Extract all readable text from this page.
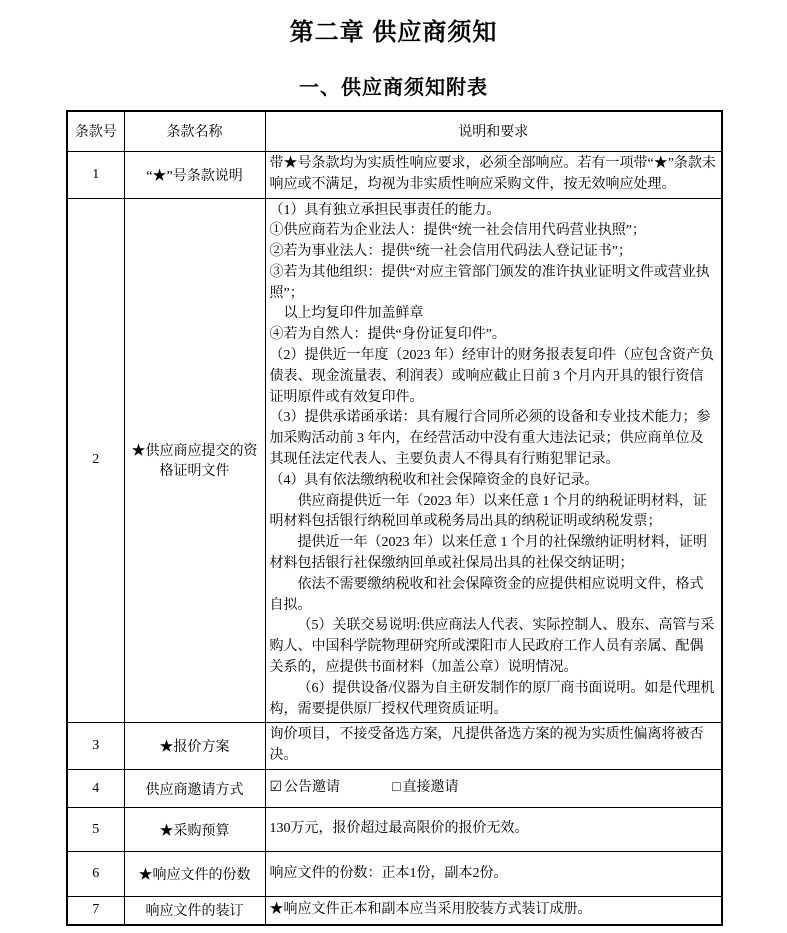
第二章 供应商须知
一、供应商须知附表
条款号	条款名称	说明和要求
1	“★”号条款说明	带★号条款均为实质性响应要求，必须全部响应。若有一项带“★”条款未响应或不满足，均视为非实质性响应采购文件，按无效响应处理。

2	★供应商应提交的资格证明文件	
（1）具有独立承担民事责任的能力。
①供应商若为企业法人：提供“统一社会信用代码营业执照”；
②若为事业法人：提供“统一社会信用代码法人登记证书”；
③若为其他组织：提供“对应主管部门颁发的准许执业证明文件或营业执照”；
以上均复印件加盖鲜章
④若为自然人：提供“身份证复印件”。
（2）提供近一年度（2023 年）经审计的财务报表复印件（应包含资产负债表、现金流量表、利润表）或响应截止日前 3 个月内开具的银行资信证明原件或有效复印件。
（3）提供承诺函承诺：具有履行合同所必须的设备和专业技术能力；参加采购活动前 3 年内，在经营活动中没有重大违法记录；供应商单位及其现任法定代表人、主要负责人不得具有行贿犯罪记录。
（4）具有依法缴纳税收和社会保障资金的良好记录。
供应商提供近一年（2023 年）以来任意 1 个月的纳税证明材料，证明材料包括银行纳税回单或税务局出具的纳税证明或纳税发票；
提供近一年（2023 年）以来任意 1 个月的社保缴纳证明材料，证明材料包括银行社保缴纳回单或社保局出具的社保交纳证明；
依法不需要缴纳税收和社会保障资金的应提供相应说明文件，格式自拟。
（5）关联交易说明:供应商法人代表、实际控制人、股东、高管与采购人、中国科学院物理研究所或溧阳市人民政府工作人员有亲属、配偶关系的，应提供书面材料（加盖公章）说明情况。
（6）提供设备/仪器为自主研发制作的原厂商书面说明。如是代理机构，需要提供原厂授权代理资质证明。

3	★报价方案	询价项目，不接受备选方案，凡提供备选方案的视为实质性偏离将被否决。

4	供应商邀请方式	☑ 公告邀请 □ 直接邀请
5	★采购预算	130万元，报价超过最高限价的报价无效。

6	★响应文件的份数	响应文件的份数：正本1份，副本2份。

7	响应文件的装订	★响应文件正本和副本应当采用胶装方式装订成册。
